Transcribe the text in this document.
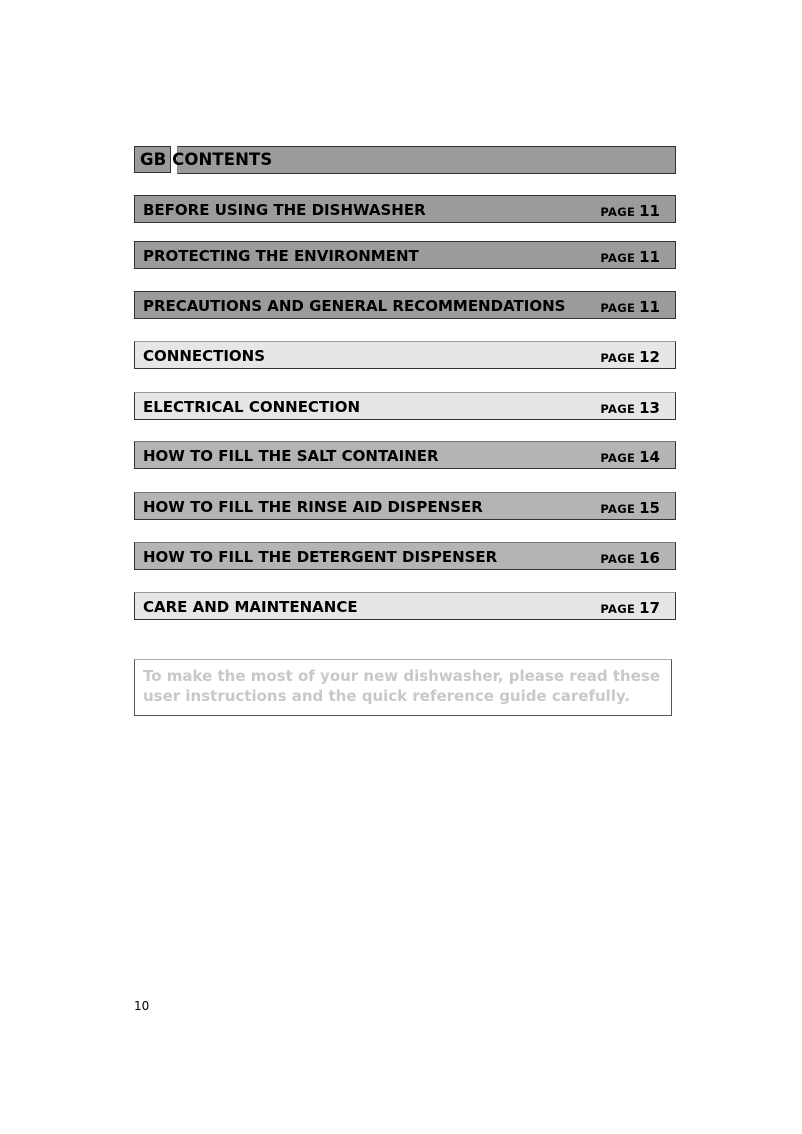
GB CONTENTS
BEFORE USING THE DISHWASHER	PAGE 11
PROTECTING THE ENVIRONMENT	PAGE 11
PRECAUTIONS AND GENERAL RECOMMENDATIONS	PAGE 11
CONNECTIONS	PAGE 12
ELECTRICAL CONNECTION	PAGE 13
HOW TO FILL THE SALT CONTAINER	PAGE 14
HOW TO FILL THE RINSE AID DISPENSER	PAGE 15
HOW TO FILL THE DETERGENT DISPENSER	PAGE 16
CARE AND MAINTENANCE	PAGE 17

To make the most of your new dishwasher, please read these user instructions and the quick reference guide carefully.

10
